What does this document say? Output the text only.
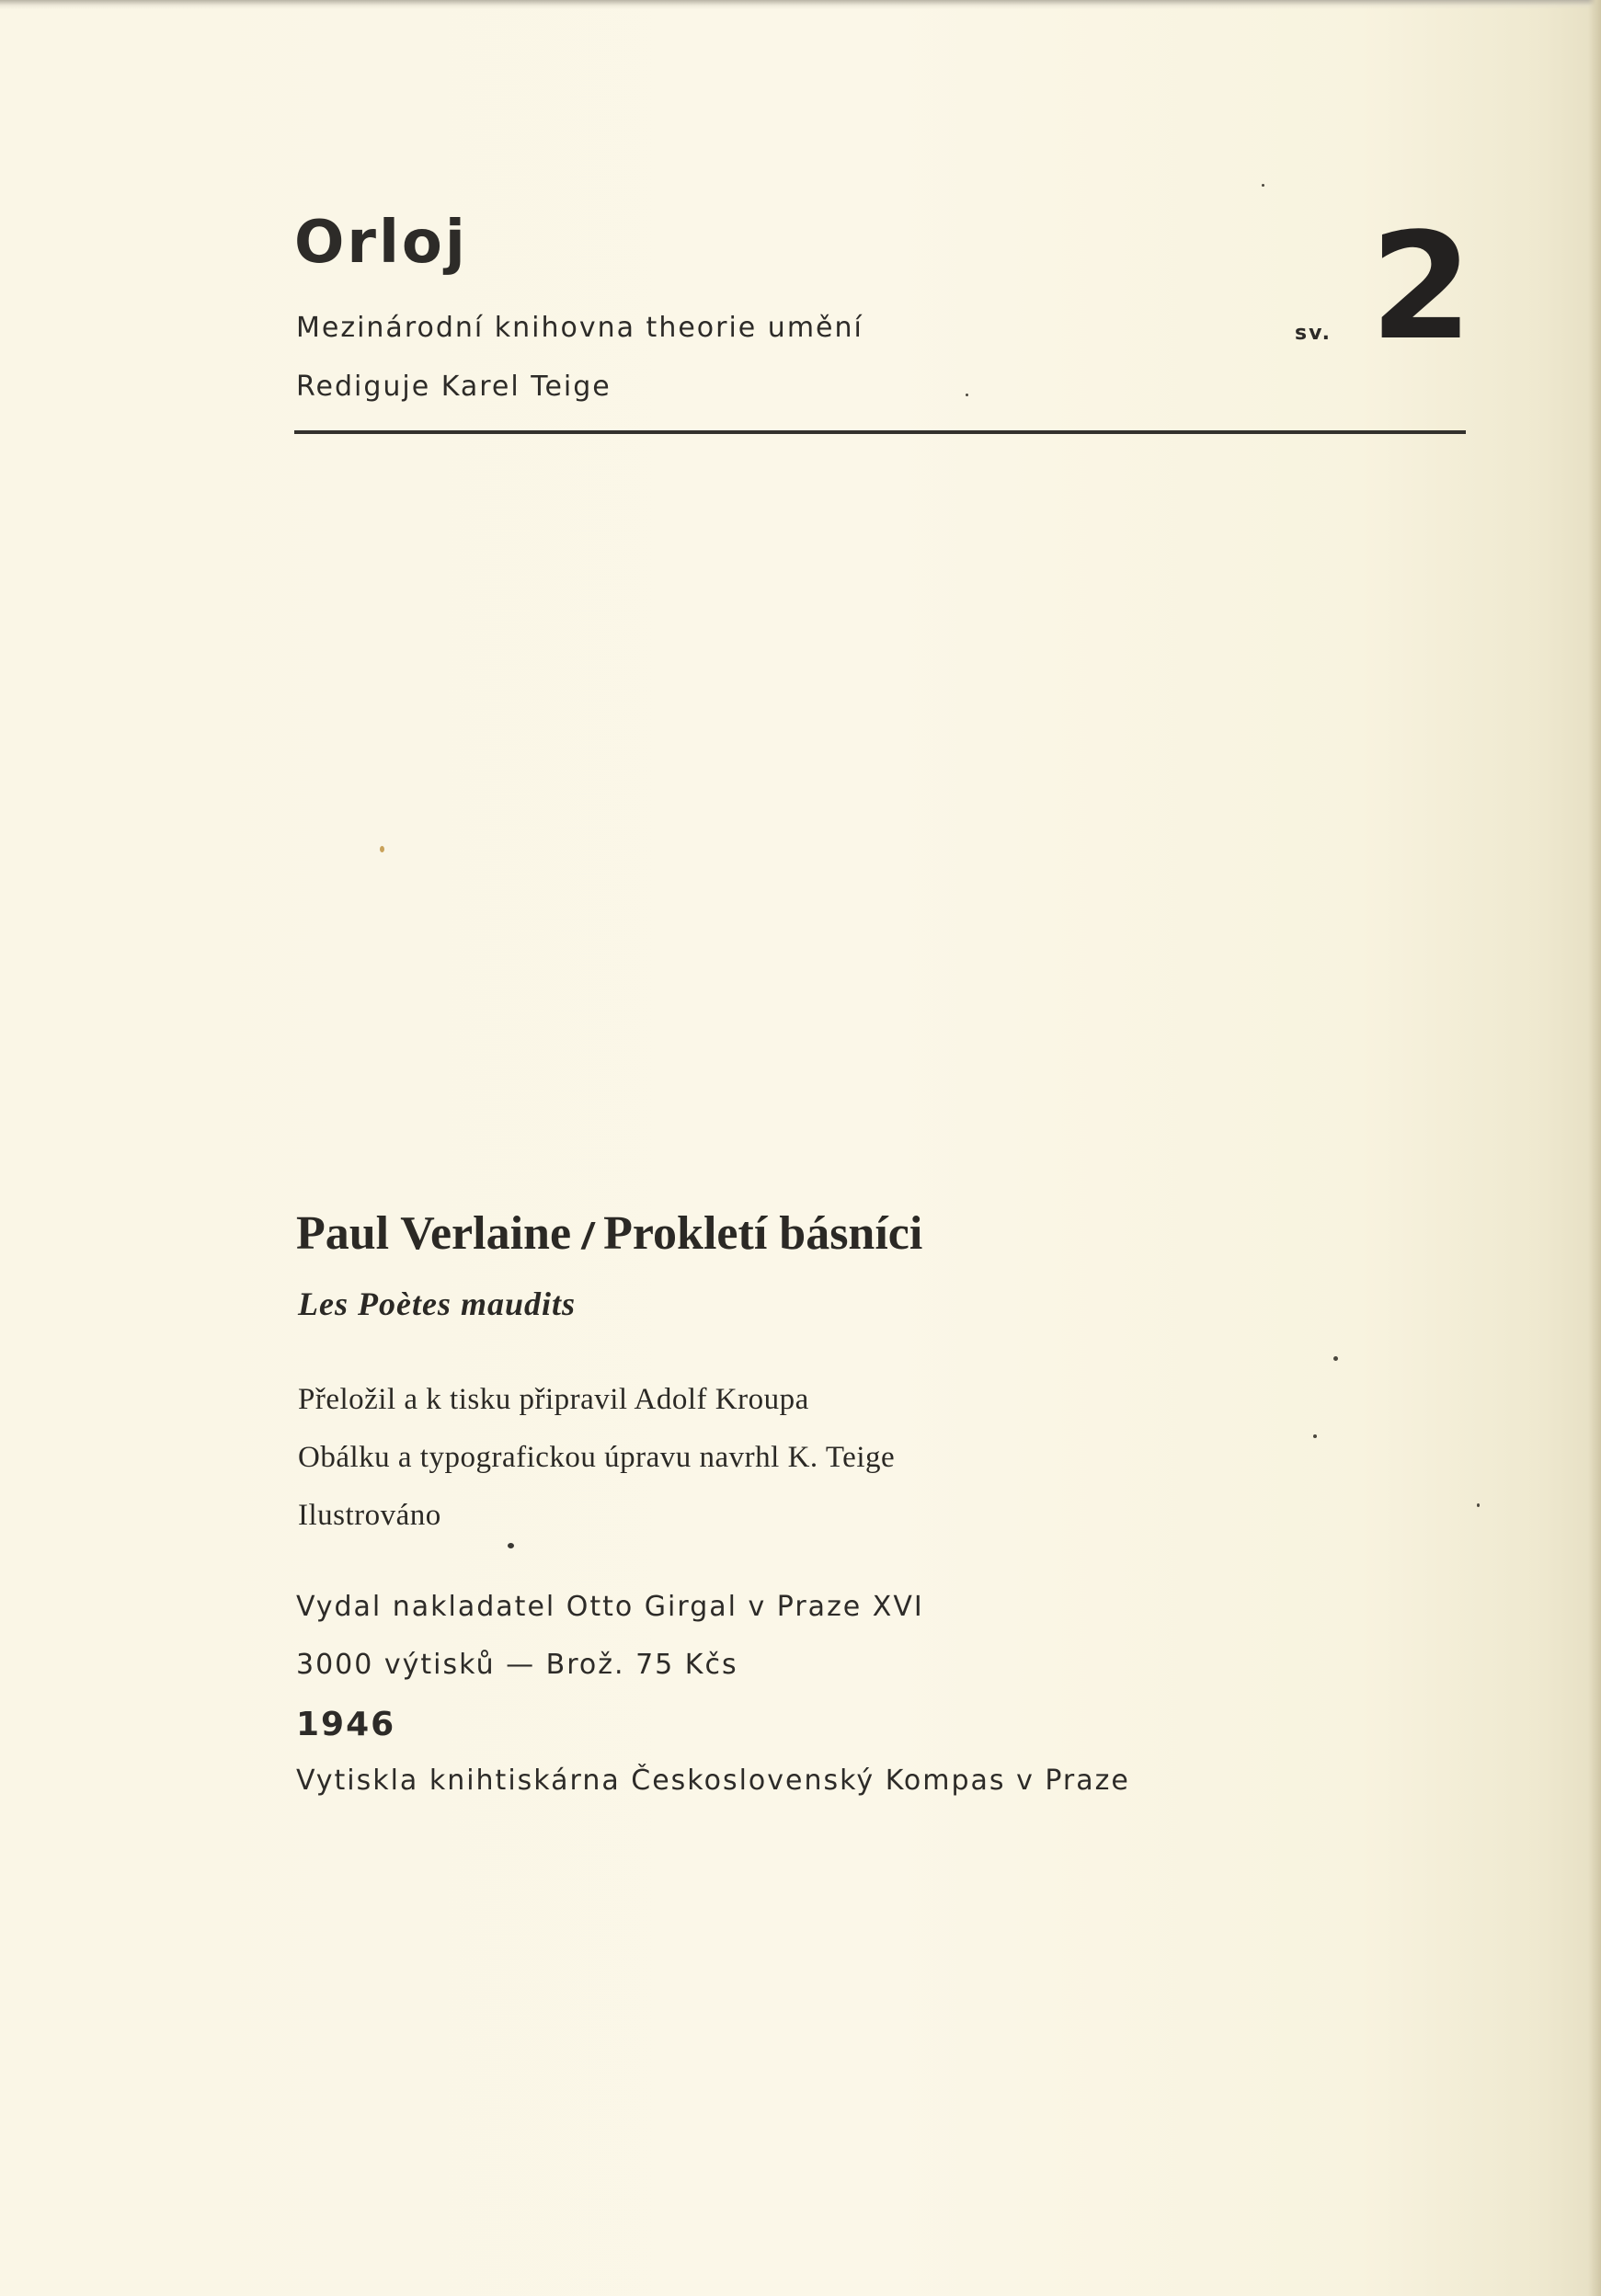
Orloj
Mezinárodní knihovna theorie umění
Rediguje Karel Teige
sv. 2
Paul Verlaine / Prokletí básníci
Les Poètes maudits
Přeložil a k tisku připravil Adolf Kroupa
Obálku a typografickou úpravu navrhl K. Teige
Ilustrováno
Vydal nakladatel Otto Girgal v Praze XVI
3000 výtisků — Brož. 75 Kčs
1946
Vytiskla knihtiskárna Československý Kompas v Praze
